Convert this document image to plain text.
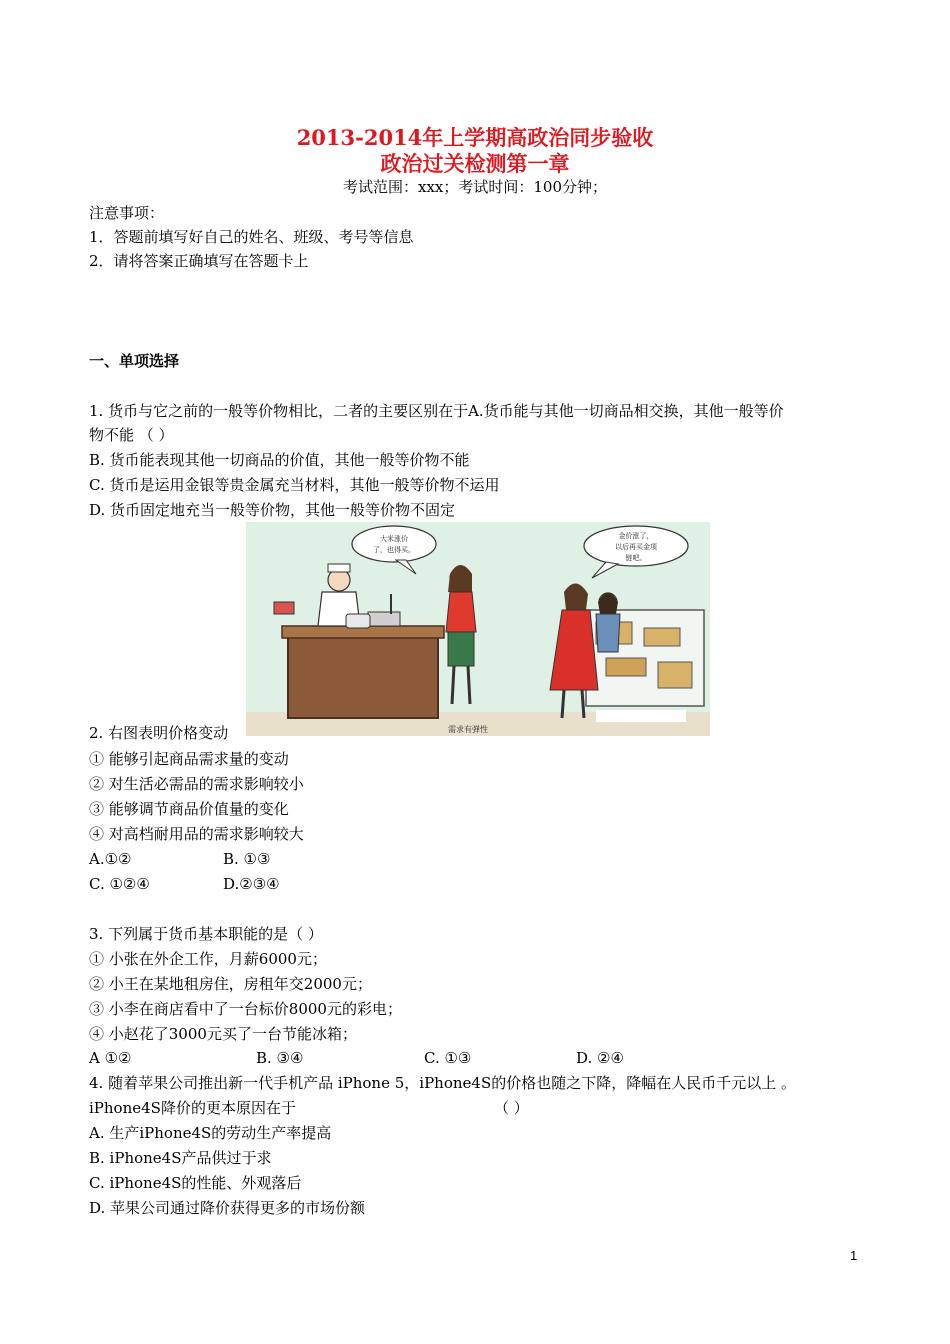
2013-2014年上学期高政治同步验收
政治过关检测第一章
考试范围：xxx；考试时间：100分钟；
注意事项：
1．答题前填写好自己的姓名、班级、考号等信息
2．请将答案正确填写在答题卡上
一、单项选择
1. 货币与它之前的一般等价物相比，二者的主要区别在于A.货币能与其他一切商品相交换，其他一般等价
物不能 （ ）
B. 货币能表现其他一切商品的价值，其他一般等价物不能
C. 货币是运用金银等贵金属充当材料，其他一般等价物不运用
D. 货币固定地充当一般等价物，其他一般等价物不固定
大米涨价
了，也得买。
金价涨了，
以后再买金项
链吧。
需求有弹性
2. 右图表明价格变动
① 能够引起商品需求量的变动
② 对生活必需品的需求影响较小
③ 能够调节商品价值量的变化
④ 对高档耐用品的需求影响较大
A.①②	B. ①③
C. ①②④	D.②③④
3. 下列属于货币基本职能的是（ ）
① 小张在外企工作，月薪6000元；
② 小王在某地租房住，房租年交2000元；
③ 小李在商店看中了一台标价8000元的彩电；
④ 小赵花了3000元买了一台节能冰箱；
A ①②	B. ③④	C. ①③	D. ②④
4. 随着苹果公司推出新一代手机产品 iPhone 5，iPhone4S的价格也随之下降，降幅在人民币千元以上 。
iPhone4S降价的更本原因在于	（ ）
A. 生产iPhone4S的劳动生产率提高
B. iPhone4S产品供过于求
C. iPhone4S的性能、外观落后
D. 苹果公司通过降价获得更多的市场份额
1
